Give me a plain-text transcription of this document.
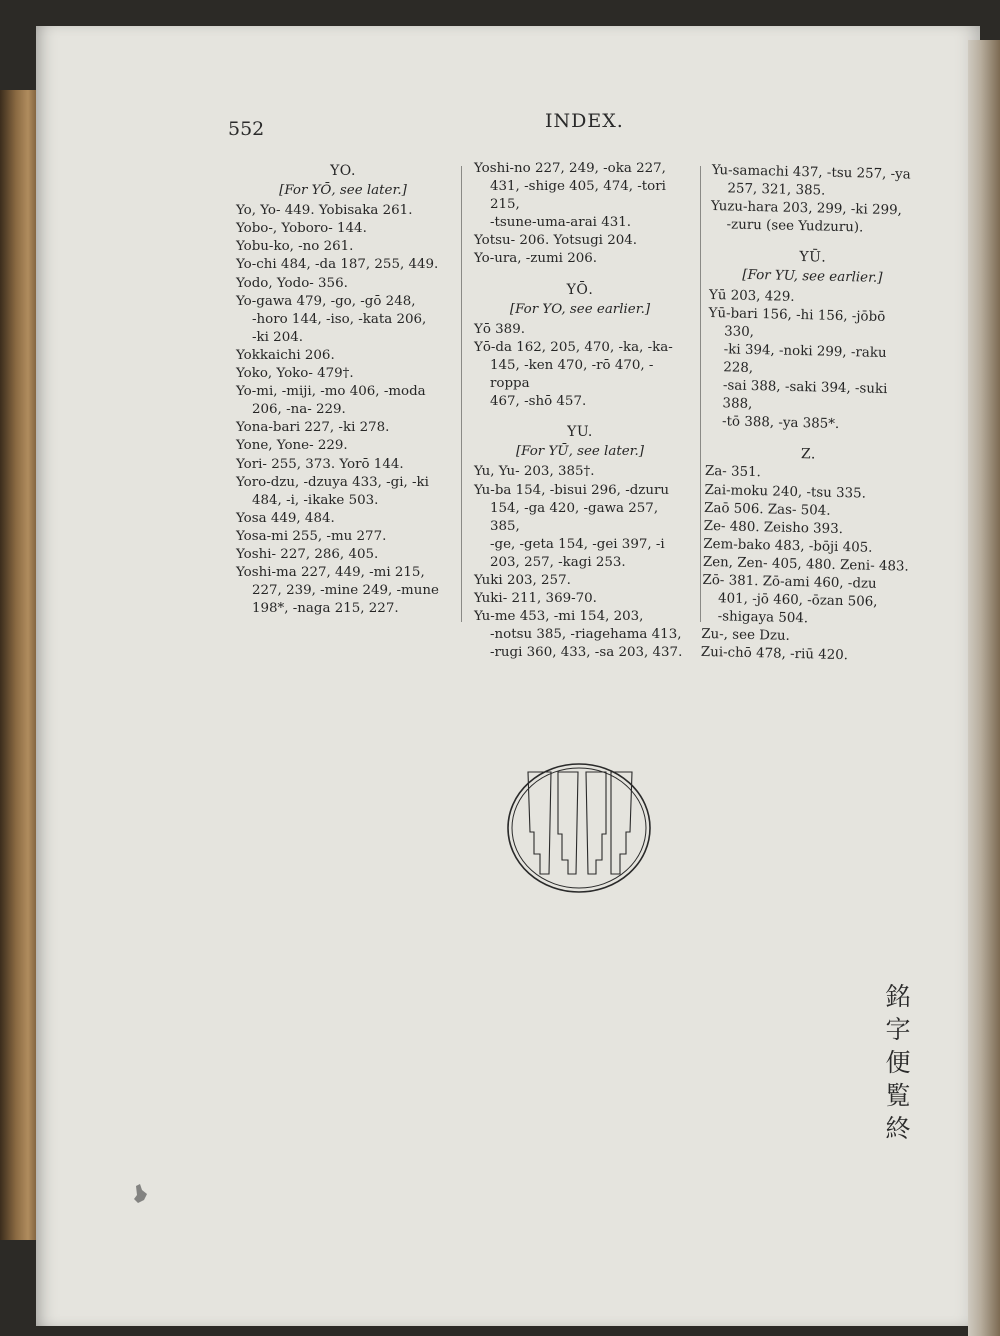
552	INDEX.
YO.
[For YŌ, see later.]
Yo, Yo- 449. Yobisaka 261.
Yobo-, Yoboro- 144.
Yobu-ko, -no 261.
Yo-chi 484, -da 187, 255, 449.
Yodo, Yodo- 356.
Yo-gawa 479, -go, -gō 248,
-horo 144, -iso, -kata 206,
-ki 204.
Yokkaichi 206.
Yoko, Yoko- 479†.
Yo-mi, -miji, -mo 406, -moda
206, -na- 229.
Yona-bari 227, -ki 278.
Yone, Yone- 229.
Yori- 255, 373. Yorō 144.
Yoro-dzu, -dzuya 433, -gi, -ki
484, -i, -ikake 503.
Yosa 449, 484.
Yosa-mi 255, -mu 277.
Yoshi- 227, 286, 405.
Yoshi-ma 227, 449, -mi 215,
227, 239, -mine 249, -mune
198*, -naga 215, 227.
Yoshi-no 227, 249, -oka 227,
431, -shige 405, 474, -tori 215,
-tsune-uma-arai 431.
Yotsu- 206. Yotsugi 204.
Yo-ura, -zumi 206.
YŌ.
[For YO, see earlier.]
Yō 389.
Yō-da 162, 205, 470, -ka, -ka-
145, -ken 470, -rō 470, -roppa
467, -shō 457.
YU.
[For YŪ, see later.]
Yu, Yu- 203, 385†.
Yu-ba 154, -bisui 296, -dzuru
154, -ga 420, -gawa 257, 385,
-ge, -geta 154, -gei 397, -i
203, 257, -kagi 253.
Yuki 203, 257.
Yuki- 211, 369-70.
Yu-me 453, -mi 154, 203,
-notsu 385, -riagehama 413,
-rugi 360, 433, -sa 203, 437.
Yu-samachi 437, -tsu 257, -ya
257, 321, 385.
Yuzu-hara 203, 299, -ki 299,
-zuru (see Yudzuru).
YŪ.
[For YU, see earlier.]
Yū 203, 429.
Yū-bari 156, -hi 156, -jōbō 330,
-ki 394, -noki 299, -raku 228,
-sai 388, -saki 394, -suki 388,
-tō 388, -ya 385*.
Z.
Za- 351.
Zai-moku 240, -tsu 335.
Zaō 506. Zas- 504.
Ze- 480. Zeisho 393.
Zem-bako 483, -bōji 405.
Zen, Zen- 405, 480. Zeni- 483.
Zō- 381. Zō-ami 460, -dzu
401, -jō 460, -ōzan 506,
-shigaya 504.
Zu-, see Dzu.
Zui-chō 478, -riū 420.
銘
字
便
覧
終
